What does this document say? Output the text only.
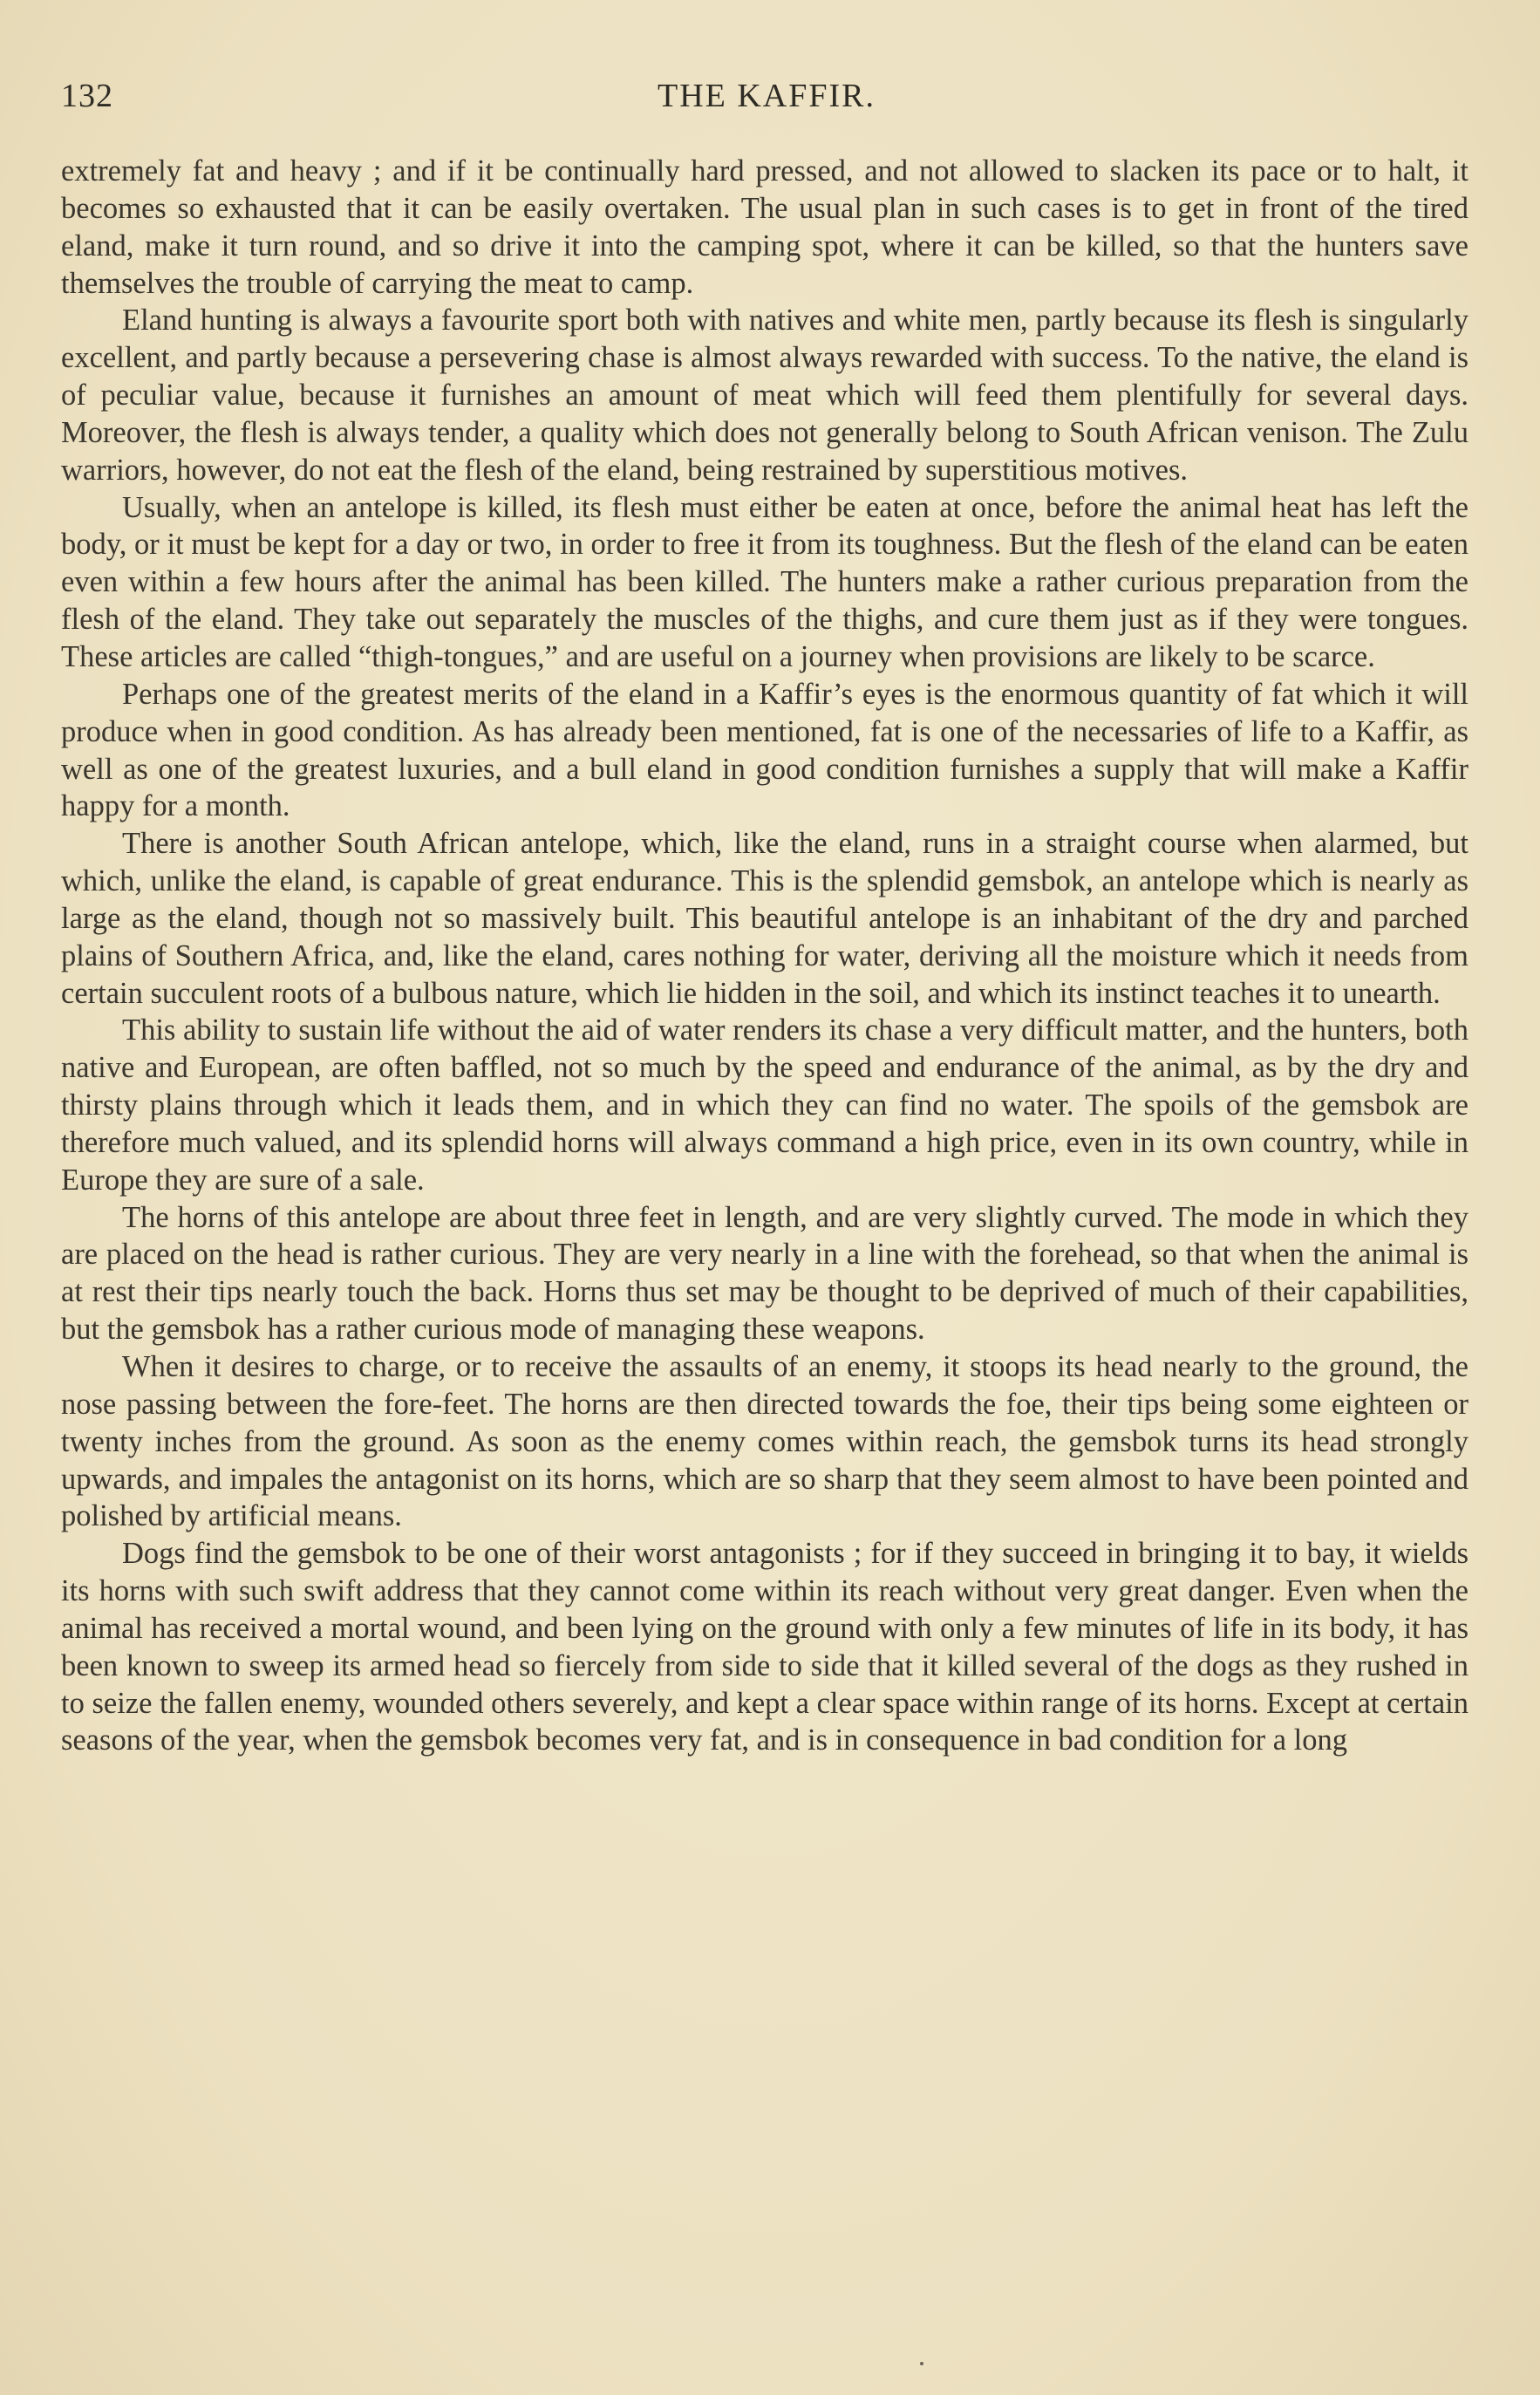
132	THE KAFFIR.

extremely fat and heavy ; and if it be continually hard pressed, and not allowed to slacken its pace or to halt, it becomes so exhausted that it can be easily overtaken. The usual plan in such cases is to get in front of the tired eland, make it turn round, and so drive it into the camping spot, where it can be killed, so that the hunters save themselves the trouble of carrying the meat to camp.

Eland hunting is always a favourite sport both with natives and white men, partly because its flesh is singularly excellent, and partly because a persevering chase is almost always rewarded with success. To the native, the eland is of peculiar value, because it furnishes an amount of meat which will feed them plentifully for several days. Moreover, the flesh is always tender, a quality which does not generally belong to South African venison. The Zulu warriors, however, do not eat the flesh of the eland, being restrained by superstitious motives.

Usually, when an antelope is killed, its flesh must either be eaten at once, before the animal heat has left the body, or it must be kept for a day or two, in order to free it from its toughness. But the flesh of the eland can be eaten even within a few hours after the animal has been killed. The hunters make a rather curious preparation from the flesh of the eland. They take out separately the muscles of the thighs, and cure them just as if they were tongues. These articles are called “thigh-tongues,” and are useful on a journey when provisions are likely to be scarce.

Perhaps one of the greatest merits of the eland in a Kaffir’s eyes is the enormous quantity of fat which it will produce when in good condition. As has already been mentioned, fat is one of the necessaries of life to a Kaffir, as well as one of the greatest luxuries, and a bull eland in good condition furnishes a supply that will make a Kaffir happy for a month.

There is another South African antelope, which, like the eland, runs in a straight course when alarmed, but which, unlike the eland, is capable of great endurance. This is the splendid gemsbok, an antelope which is nearly as large as the eland, though not so massively built. This beautiful antelope is an inhabitant of the dry and parched plains of Southern Africa, and, like the eland, cares nothing for water, deriving all the moisture which it needs from certain succulent roots of a bulbous nature, which lie hidden in the soil, and which its instinct teaches it to unearth.

This ability to sustain life without the aid of water renders its chase a very difficult matter, and the hunters, both native and European, are often baffled, not so much by the speed and endurance of the animal, as by the dry and thirsty plains through which it leads them, and in which they can find no water. The spoils of the gemsbok are therefore much valued, and its splendid horns will always command a high price, even in its own country, while in Europe they are sure of a sale.

The horns of this antelope are about three feet in length, and are very slightly curved. The mode in which they are placed on the head is rather curious. They are very nearly in a line with the forehead, so that when the animal is at rest their tips nearly touch the back. Horns thus set may be thought to be deprived of much of their capabilities, but the gemsbok has a rather curious mode of managing these weapons.

When it desires to charge, or to receive the assaults of an enemy, it stoops its head nearly to the ground, the nose passing between the fore-feet. The horns are then directed towards the foe, their tips being some eighteen or twenty inches from the ground. As soon as the enemy comes within reach, the gemsbok turns its head strongly upwards, and impales the antagonist on its horns, which are so sharp that they seem almost to have been pointed and polished by artificial means.

Dogs find the gemsbok to be one of their worst antagonists ; for if they succeed in bringing it to bay, it wields its horns with such swift address that they cannot come within its reach without very great danger. Even when the animal has received a mortal wound, and been lying on the ground with only a few minutes of life in its body, it has been known to sweep its armed head so fiercely from side to side that it killed several of the dogs as they rushed in to seize the fallen enemy, wounded others severely, and kept a clear space within range of its horns. Except at certain seasons of the year, when the gemsbok becomes very fat, and is in consequence in bad condition for a long
